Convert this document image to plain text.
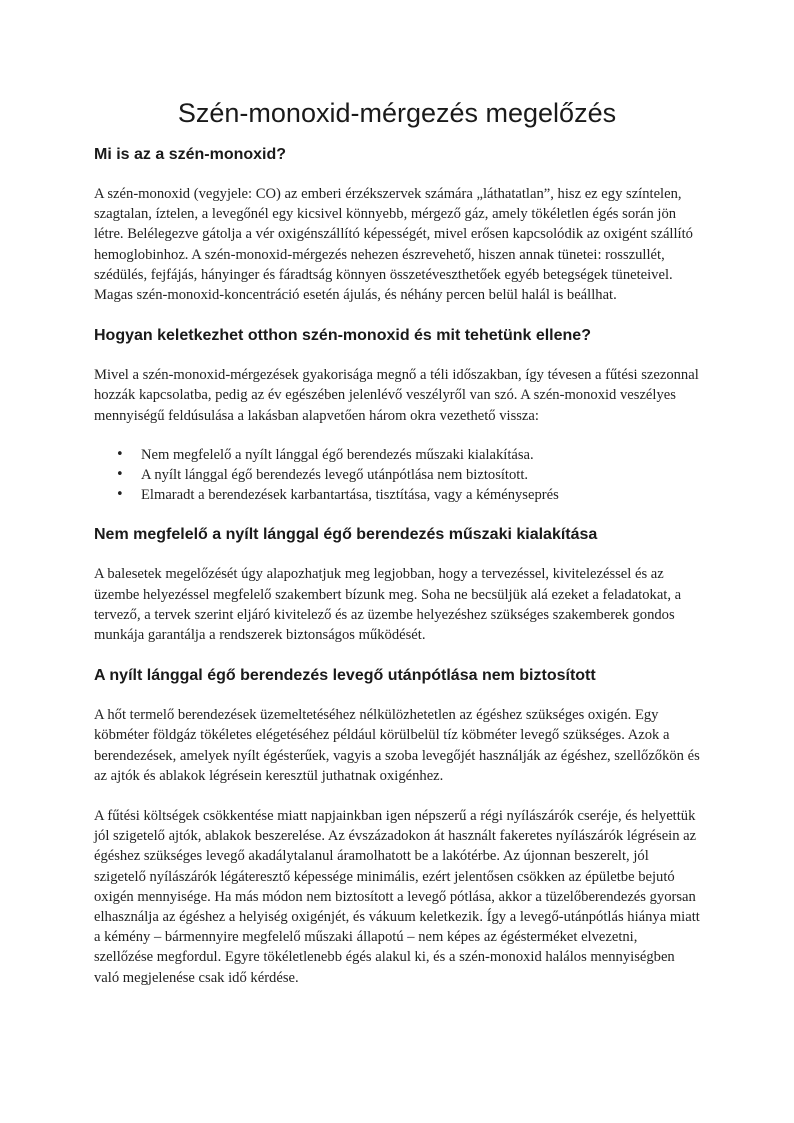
Szén-monoxid-mérgezés megelőzés
Mi is az a szén-monoxid?

A szén-monoxid (vegyjele: CO) az emberi érzékszervek számára „láthatatlan”, hisz ez egy színtelen, szagtalan, íztelen, a levegőnél egy kicsivel könnyebb, mérgező gáz, amely tökéletlen égés során jön létre. Belélegezve gátolja a vér oxigénszállító képességét, mivel erősen kapcsolódik az oxigént szállító hemoglobinhoz. A szén-monoxid-mérgezés nehezen észrevehető, hiszen annak tünetei: rosszullét, szédülés, fejfájás, hányinger és fáradtság könnyen összetéveszthetőek egyéb betegségek tüneteivel. Magas szén-monoxid-koncentráció esetén ájulás, és néhány percen belül halál is beállhat.

Hogyan keletkezhet otthon szén-monoxid és mit tehetünk ellene?

Mivel a szén-monoxid-mérgezések gyakorisága megnő a téli időszakban, így tévesen a fűtési szezonnal hozzák kapcsolatba, pedig az év egészében jelenlévő veszélyről van szó. A szén-monoxid veszélyes mennyiségű feldúsulása a lakásban alapvetően három okra vezethető vissza:

• Nem megfelelő a nyílt lánggal égő berendezés műszaki kialakítása.
• A nyílt lánggal égő berendezés levegő utánpótlása nem biztosított.
• Elmaradt a berendezések karbantartása, tisztítása, vagy a kéményseprés
Nem megfelelő a nyílt lánggal égő berendezés műszaki kialakítása

A balesetek megelőzését úgy alapozhatjuk meg legjobban, hogy a tervezéssel, kivitelezéssel és az üzembe helyezéssel megfelelő szakembert bízunk meg. Soha ne becsüljük alá ezeket a feladatokat, a tervező, a tervek szerint eljáró kivitelező és az üzembe helyezéshez szükséges szakemberek gondos munkája garantálja a rendszerek biztonságos működését.

A nyílt lánggal égő berendezés levegő utánpótlása nem biztosított

A hőt termelő berendezések üzemeltetéséhez nélkülözhetetlen az égéshez szükséges oxigén. Egy köbméter földgáz tökéletes elégetéséhez például körülbelül tíz köbméter levegő szükséges. Azok a berendezések, amelyek nyílt égésterűek, vagyis a szoba levegőjét használják az égéshez, szellőzőkön és az ajtók és ablakok légrésein keresztül juthatnak oxigénhez.

A fűtési költségek csökkentése miatt napjainkban igen népszerű a régi nyílászárók cseréje, és helyettük jól szigetelő ajtók, ablakok beszerelése. Az évszázadokon át használt fakeretes nyílászárók légrésein az égéshez szükséges levegő akadálytalanul áramolhatott be a lakótérbe. Az újonnan beszerelt, jól szigetelő nyílászárók légáteresztő képessége minimális, ezért jelentősen csökken az épületbe bejutó oxigén mennyisége. Ha más módon nem biztosított a levegő pótlása, akkor a tüzelőberendezés gyorsan elhasználja az égéshez a helyiség oxigénjét, és vákuum keletkezik. Így a levegő-utánpótlás hiánya miatt a kémény – bármennyire megfelelő műszaki állapotú – nem képes az égésterméket elvezetni, szellőzése megfordul. Egyre tökéletlenebb égés alakul ki, és a szén-monoxid halálos mennyiségben való megjelenése csak idő kérdése.
